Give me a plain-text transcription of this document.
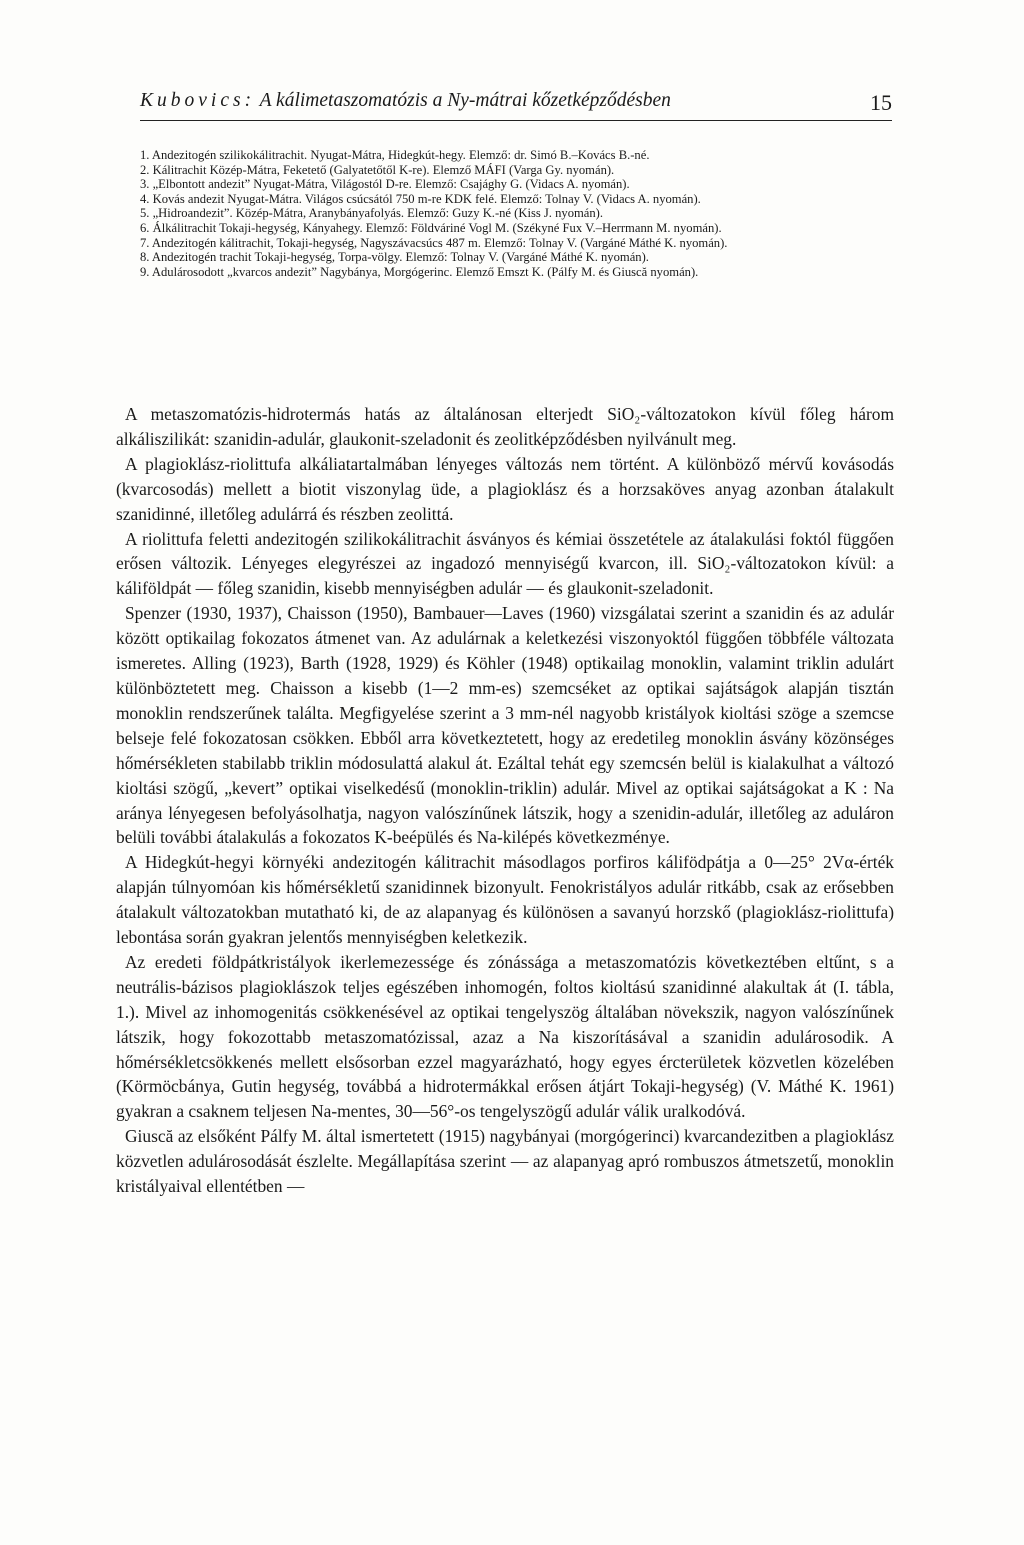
Kubovics: A kálimetaszomatózis a Ny-mátrai kőzetképződésben	15

1. Andezitogén szilikokálitrachit. Nyugat-Mátra, Hidegkút-hegy. Elemző: dr. Simó B.–Kovács B.-né.

2. Kálitrachit Közép-Mátra, Feketető (Galyatetőtől K-re). Elemző MÁFI (Varga Gy. nyomán).

3. „Elbontott andezit” Nyugat-Mátra, Világostól D-re. Elemző: Csajághy G. (Vidacs A. nyomán).

4. Kovás andezit Nyugat-Mátra. Világos csúcsától 750 m-re KDK felé. Elemző: Tolnay V. (Vidacs A. nyomán).

5. „Hidroandezit”. Közép-Mátra, Aranybányafolyás. Elemző: Guzy K.-né (Kiss J. nyomán).

6. Álkálitrachit Tokaji-hegység, Kányahegy. Elemző: Földváriné Vogl M. (Székyné Fux V.–Herrmann M. nyomán).

7. Andezitogén kálitrachit, Tokaji-hegység, Nagyszávacsúcs 487 m. Elemző: Tolnay V. (Vargáné Máthé K. nyomán).

8. Andezitogén trachit Tokaji-hegység, Torpa-völgy. Elemző: Tolnay V. (Vargáné Máthé K. nyomán).

9. Adulárosodott „kvarcos andezit” Nagybánya, Morgógerinc. Elemző Emszt K. (Pálfy M. és Giuscă nyomán).

A metaszomatózis-hidrotermás hatás az általánosan elterjedt SiO₂-változatokon kívül főleg három alkáliszilikát: szanidin-adulár, glaukonit-szeladonit és zeolitképződésben nyilvánult meg.

A plagioklász-riolittufa alkáliatartalmában lényeges változás nem történt. A különböző mérvű kovásodás (kvarcosodás) mellett a biotit viszonylag üde, a plagioklász és a horzsaköves anyag azonban átalakult szanidinné, illetőleg adulárrá és részben zeolittá.

A riolittufa feletti andezitogén szilikokálitrachit ásványos és kémiai összetétele az átalakulási foktól függően erősen változik. Lényeges elegyrészei az ingadozó mennyiségű kvarcon, ill. SiO₂-változatokon kívül: a káliföldpát — főleg szanidin, kisebb mennyiségben adulár — és glaukonit-szeladonit.

Spenzer (1930, 1937), Chaisson (1950), Bambauer—Laves (1960) vizsgálatai szerint a szanidin és az adulár között optikailag fokozatos átmenet van. Az adulárnak a keletkezési viszonyoktól függően többféle változata ismeretes. Alling (1923), Barth (1928, 1929) és Köhler (1948) optikailag monoklin, valamint triklin adulárt különböztetett meg. Chaisson a kisebb (1—2 mm-es) szemcséket az optikai sajátságok alapján tisztán monoklin rendszerűnek találta. Megfigyelése szerint a 3 mm-nél nagyobb kristályok kioltási szöge a szemcse belseje felé fokozatosan csökken. Ebből arra következtetett, hogy az eredetileg monoklin ásvány közönséges hőmérsékleten stabilabb triklin módosulattá alakul át. Ezáltal tehát egy szemcsén belül is kialakulhat a változó kioltási szögű, „kevert” optikai viselkedésű (monoklin-triklin) adulár. Mivel az optikai sajátságokat a K : Na aránya lényegesen befolyásolhatja, nagyon valószínűnek látszik, hogy a szenidin-adulár, illetőleg az aduláron belüli további átalakulás a fokozatos K-beépülés és Na-kilépés következménye.

A Hidegkút-hegyi környéki andezitogén kálitrachit másodlagos porfiros kálifödpátja a 0—25° 2Vα-érték alapján túlnyomóan kis hőmérsékletű szanidinnek bizonyult. Fenokristályos adulár ritkább, csak az erősebben átalakult változatokban mutatható ki, de az alapanyag és különösen a savanyú horzskő (plagioklász-riolittufa) lebontása során gyakran jelentős mennyiségben keletkezik.

Az eredeti földpátkristályok ikerlemezessége és zónássága a metaszomatózis következtében eltűnt, s a neutrális-bázisos plagioklászok teljes egészében inhomogén, foltos kioltású szanidinné alakultak át (I. tábla, 1.). Mivel az inhomogenitás csökkenésével az optikai tengelyszög általában növekszik, nagyon valószínűnek látszik, hogy fokozottabb metaszomatózissal, azaz a Na kiszorításával a szanidin adulárosodik. A hőmérsékletcsökkenés mellett elsősorban ezzel magyarázható, hogy egyes ércterületek közvetlen közelében (Körmöcbánya, Gutin hegység, továbbá a hidrotermákkal erősen átjárt Tokaji-hegység) (V. Máthé K. 1961) gyakran a csaknem teljesen Na-mentes, 30—56°-os tengelyszögű adulár válik uralkodóvá.

Giuscă az elsőként Pálfy M. által ismertetett (1915) nagybányai (morgógerinci) kvarcandezitben a plagioklász közvetlen adulárosodását észlelte. Megállapítása szerint — az alapanyag apró rombuszos átmetszetű, monoklin kristályaival ellentétben —
